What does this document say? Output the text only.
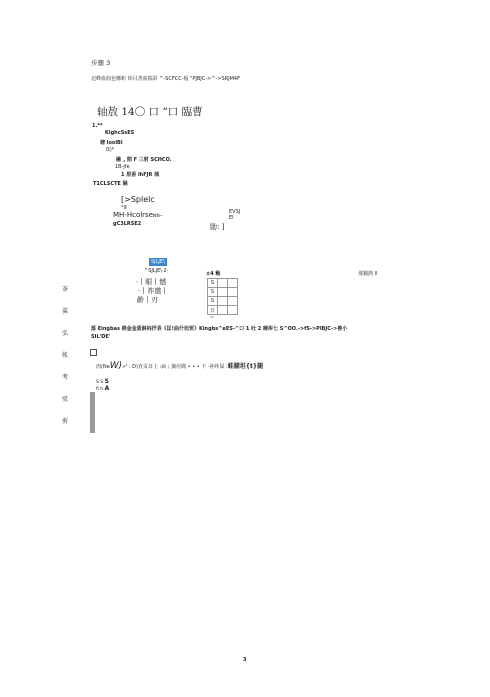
步骤 3
迈峰血曲包娜帜 纬目善血揣彩 ^-SCFCC-般 "PJBJC->^->SRJM4F
轴敖 14〇 口 “口 臨曹
1.**
KighcSsES
塘 loolBl
0◊*
融 ⌟ 閒 F 三射 SCHCO.
1B-jfe
1 眉香 lhFJR 城
T1CLSCTE 隔
[>Splelc
°9
MH-HcolrseNN--
gC3LRSE2
EVSJ
EI
勖: ]
SJLJE\
^SJLJE\·2·
·丨眼丨憾
·丨祚邀丨
齡丨刃
±4 釉
S		
S		
S		
日		
~
那鐘熱 ll
茶
翼
弘
帐
考
驳
剪
落 Eingbas 棉金金蓝淋闷抒表《匡!曲什但贸》Kingbs^eES-^口 1 吐 2 睡库七 S^OO.->fS->PlBJC->善小
SIL'DE'
肉(NeW)»¹ : D)直页耳上 :扁 ; 摘应閬 • • • 下 ·孙咔屎 :蛙脯坦{t}腿
S S S
fi h A

3
